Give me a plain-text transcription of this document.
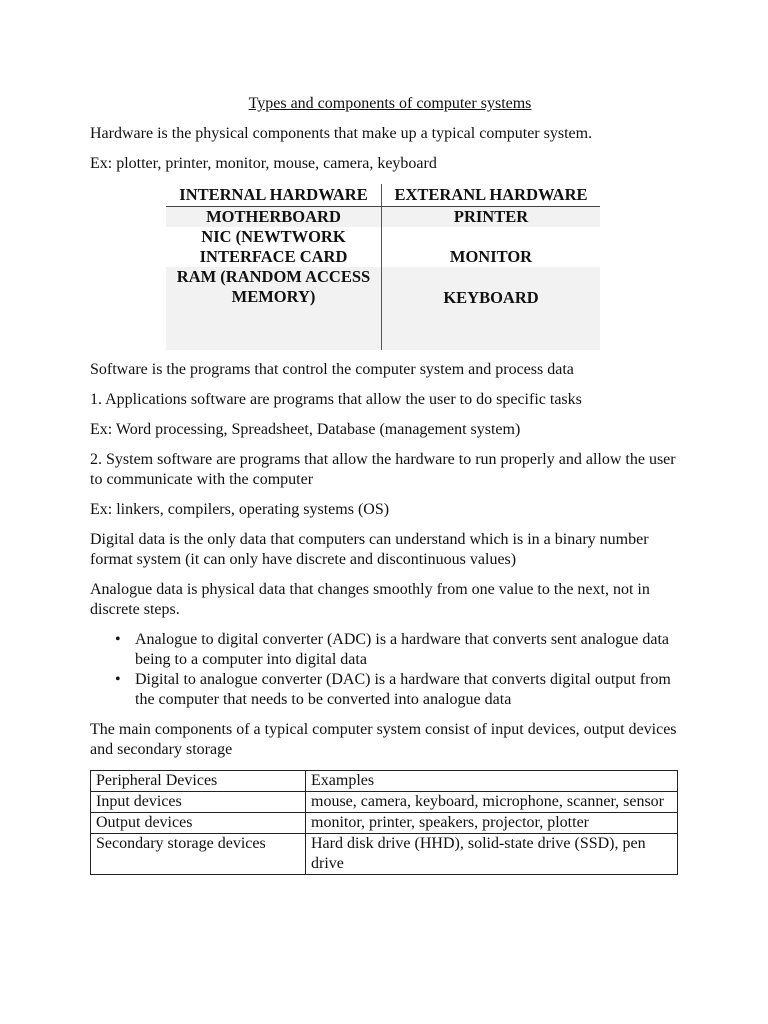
Types and components of computer systems

Hardware is the physical components that make up a typical computer system.

Ex: plotter, printer, monitor, mouse, camera, keyboard

INTERNAL HARDWARE	EXTERANL HARDWARE
MOTHERBOARD	PRINTER
NIC (NEWTWORK INTERFACE CARD	MONITOR
RAM (RANDOM ACCESS MEMORY)	KEYBOARD

Software is the programs that control the computer system and process data

1. Applications software are programs that allow the user to do specific tasks

Ex: Word processing, Spreadsheet, Database (management system)

2. System software are programs that allow the hardware to run properly and allow the user to communicate with the computer

Ex: linkers, compilers, operating systems (OS)

Digital data is the only data that computers can understand which is in a binary number format system (it can only have discrete and discontinuous values)

Analogue data is physical data that changes smoothly from one value to the next, not in discrete steps.

• Analogue to digital converter (ADC) is a hardware that converts sent analogue data being to a computer into digital data
• Digital to analogue converter (DAC) is a hardware that converts digital output from the computer that needs to be converted into analogue data

The main components of a typical computer system consist of input devices, output devices and secondary storage

Peripheral Devices	Examples
Input devices	mouse, camera, keyboard, microphone, scanner, sensor
Output devices	monitor, printer, speakers, projector, plotter
Secondary storage devices	Hard disk drive (HHD), solid-state drive (SSD), pen drive
